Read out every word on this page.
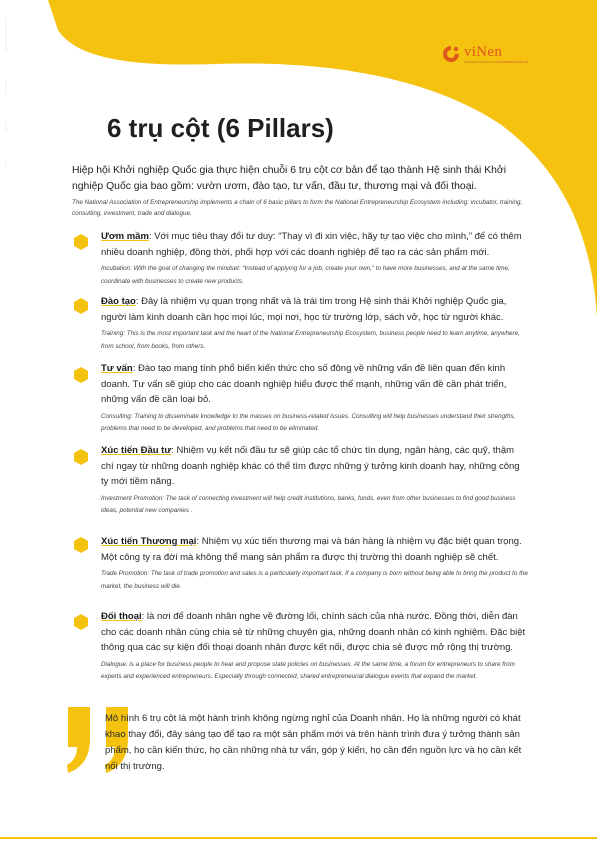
viNen
VIETNAM NATIONAL ENTREPRENEURSHIP
6 trụ cột (6 Pillars)

Hiệp hội Khởi nghiệp Quốc gia thực hiện chuỗi 6 trụ cột cơ bản để tạo thành Hệ sinh thái Khởi nghiệp Quốc gia bao gồm: vườn ươm, đào tạo, tư vấn, đầu tư, thương mại và đối thoại.

The National Association of Entrepreneurship implements a chain of 6 basic pillars to form the National Entrepreneurship Ecosystem including: incubator, training, consulting, investment, trade and dialogue.

Ươm mầm: Với mục tiêu thay đổi tư duy: “Thay vì đi xin việc, hãy tự tạo việc cho mình,” để có thêm nhiều doanh nghiệp, đồng thời, phối hợp với các doanh nghiệp để tạo ra các sản phẩm mới.

Incubation: With the goal of changing the mindset: “Instead of applying for a job, create your own,” to have more businesses, and at the same time, coordinate with businesses to create new products.

Đào tạo: Đây là nhiệm vụ quan trọng nhất và là trái tim trong Hệ sinh thái Khởi nghiệp Quốc gia, người làm kinh doanh cần học mọi lúc, mọi nơi, học từ trường lớp, sách vở, học từ người khác.

Training: This is the most important task and the heart of the National Entrepreneurship Ecosystem, business people need to learn anytime, anywhere, from school, from books, from others.

Tư vấn: Đào tạo mang tính phổ biến kiến thức cho số đông về những vấn đề liên quan đến kinh doanh. Tư vấn sẽ giúp cho các doanh nghiệp hiểu được thế mạnh, những vấn đề cần phát triển, những vấn đề cần loại bỏ.

Consulting: Training to disseminate knowledge to the masses on business-related issues. Consulting will help businesses understand their strengths, problems that need to be developed, and problems that need to be eliminated.

Xúc tiến Đầu tư: Nhiệm vụ kết nối đầu tư sẽ giúp các tổ chức tín dụng, ngân hàng, các quỹ, thậm chí ngay từ những doanh nghiệp khác có thể tìm được những ý tưởng kinh doanh hay, những công ty mới tiềm năng.

Investment Promotion: The task of connecting investment will help credit institutions, banks, funds, even from other businesses to find good business ideas, potential new companies .

Xúc tiến Thương mại: Nhiệm vụ xúc tiến thương mại và bán hàng là nhiệm vụ đặc biệt quan trọng. Một công ty ra đời mà không thể mang sản phẩm ra được thị trường thì doanh nghiệp sẽ chết.

Trade Promotion: The task of trade promotion and sales is a particularly important task. If a company is born without being able to bring the product to the market, the business will die.

Đối thoại: là nơi để doanh nhân nghe về đường lối, chính sách của nhà nước. Đồng thời, diễn đàn cho các doanh nhân cùng chia sẻ từ những chuyên gia, những doanh nhân có kinh nghiệm. Đặc biệt thông qua các sự kiện đối thoại doanh nhân được kết nối, được chia sẻ được mở rộng thị trường.

Dialogue: is a place for business people to hear and propose state policies on businesses. At the same time, a forum for entrepreneurs to share from experts and experienced entrepreneurs. Especially through connected, shared entrepreneurial dialogue events that expand the market.

Mô hình 6 trụ cột là một hành trình không ngừng nghỉ của Doanh nhân. Họ là những người có khát khao thay đổi, đây sáng tạo để tạo ra một sản phẩm mới và trên hành trình đưa ý tưởng thành sản phẩm, họ cần kiến thức, họ cần những nhà tư vấn, góp ý kiến, họ cần đến nguồn lực và họ cần kết nối thị trường.
